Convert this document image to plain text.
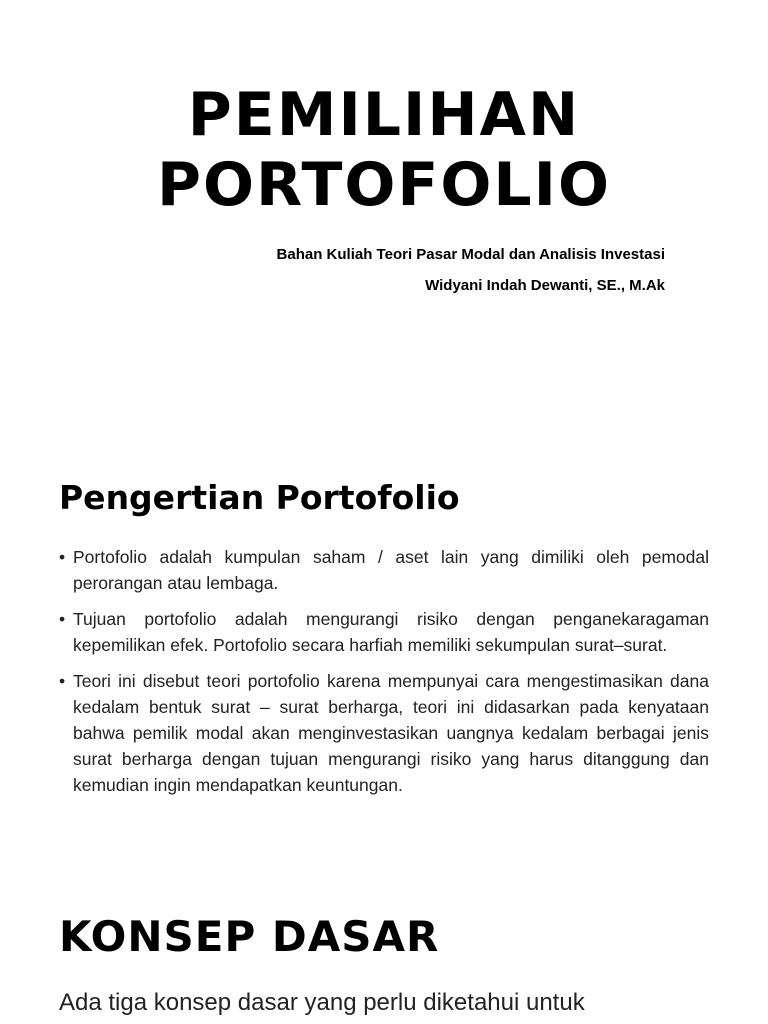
PEMILIHAN
PORTOFOLIO

Bahan Kuliah Teori Pasar Modal dan Analisis Investasi

Widyani Indah Dewanti, SE., M.Ak

Pengertian Portofolio
• Portofolio adalah kumpulan saham / aset lain yang dimiliki oleh pemodal perorangan atau lembaga.
• Tujuan portofolio adalah mengurangi risiko dengan penganekaragaman kepemilikan efek. Portofolio secara harfiah memiliki sekumpulan surat–surat.
• Teori ini disebut teori portofolio karena mempunyai cara mengestimasikan dana kedalam bentuk surat – surat berharga, teori ini didasarkan pada kenyataan bahwa pemilik modal akan menginvestasikan uangnya kedalam berbagai jenis surat berharga dengan tujuan mengurangi risiko yang harus ditanggung dan kemudian ingin mendapatkan keuntungan.
KONSEP DASAR

Ada tiga konsep dasar yang perlu diketahui untuk
